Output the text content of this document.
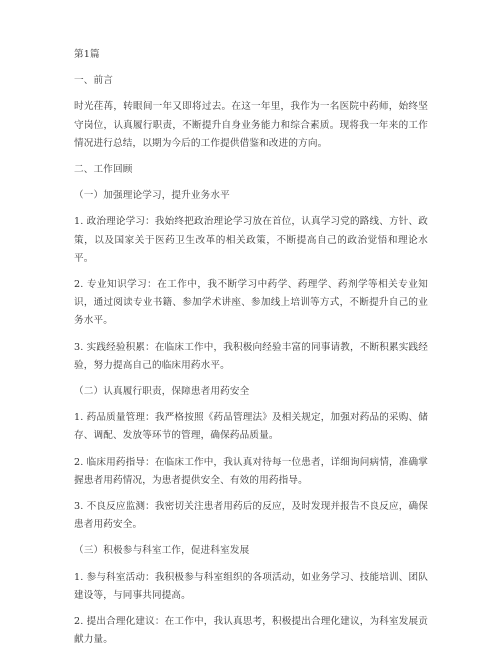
第1篇

一、前言

时光荏苒，转眼间一年又即将过去。在这一年里，我作为一名医院中药师，始终坚守岗位，认真履行职责，不断提升自身业务能力和综合素质。现将我一年来的工作情况进行总结，以期为今后的工作提供借鉴和改进的方向。

二、工作回顾

（一）加强理论学习，提升业务水平

1. 政治理论学习：我始终把政治理论学习放在首位，认真学习党的路线、方针、政策，以及国家关于医药卫生改革的相关政策，不断提高自己的政治觉悟和理论水平。

2. 专业知识学习：在工作中，我不断学习中药学、药理学、药剂学等相关专业知识，通过阅读专业书籍、参加学术讲座、参加线上培训等方式，不断提升自己的业务水平。

3. 实践经验积累：在临床工作中，我积极向经验丰富的同事请教，不断积累实践经验，努力提高自己的临床用药水平。

（二）认真履行职责，保障患者用药安全

1. 药品质量管理：我严格按照《药品管理法》及相关规定，加强对药品的采购、储存、调配、发放等环节的管理，确保药品质量。

2. 临床用药指导：在临床工作中，我认真对待每一位患者，详细询问病情，准确掌握患者用药情况，为患者提供安全、有效的用药指导。

3. 不良反应监测：我密切关注患者用药后的反应，及时发现并报告不良反应，确保患者用药安全。

（三）积极参与科室工作，促进科室发展

1. 参与科室活动：我积极参与科室组织的各项活动，如业务学习、技能培训、团队建设等，与同事共同提高。

2. 提出合理化建议：在工作中，我认真思考，积极提出合理化建议，为科室发展贡献力量。
